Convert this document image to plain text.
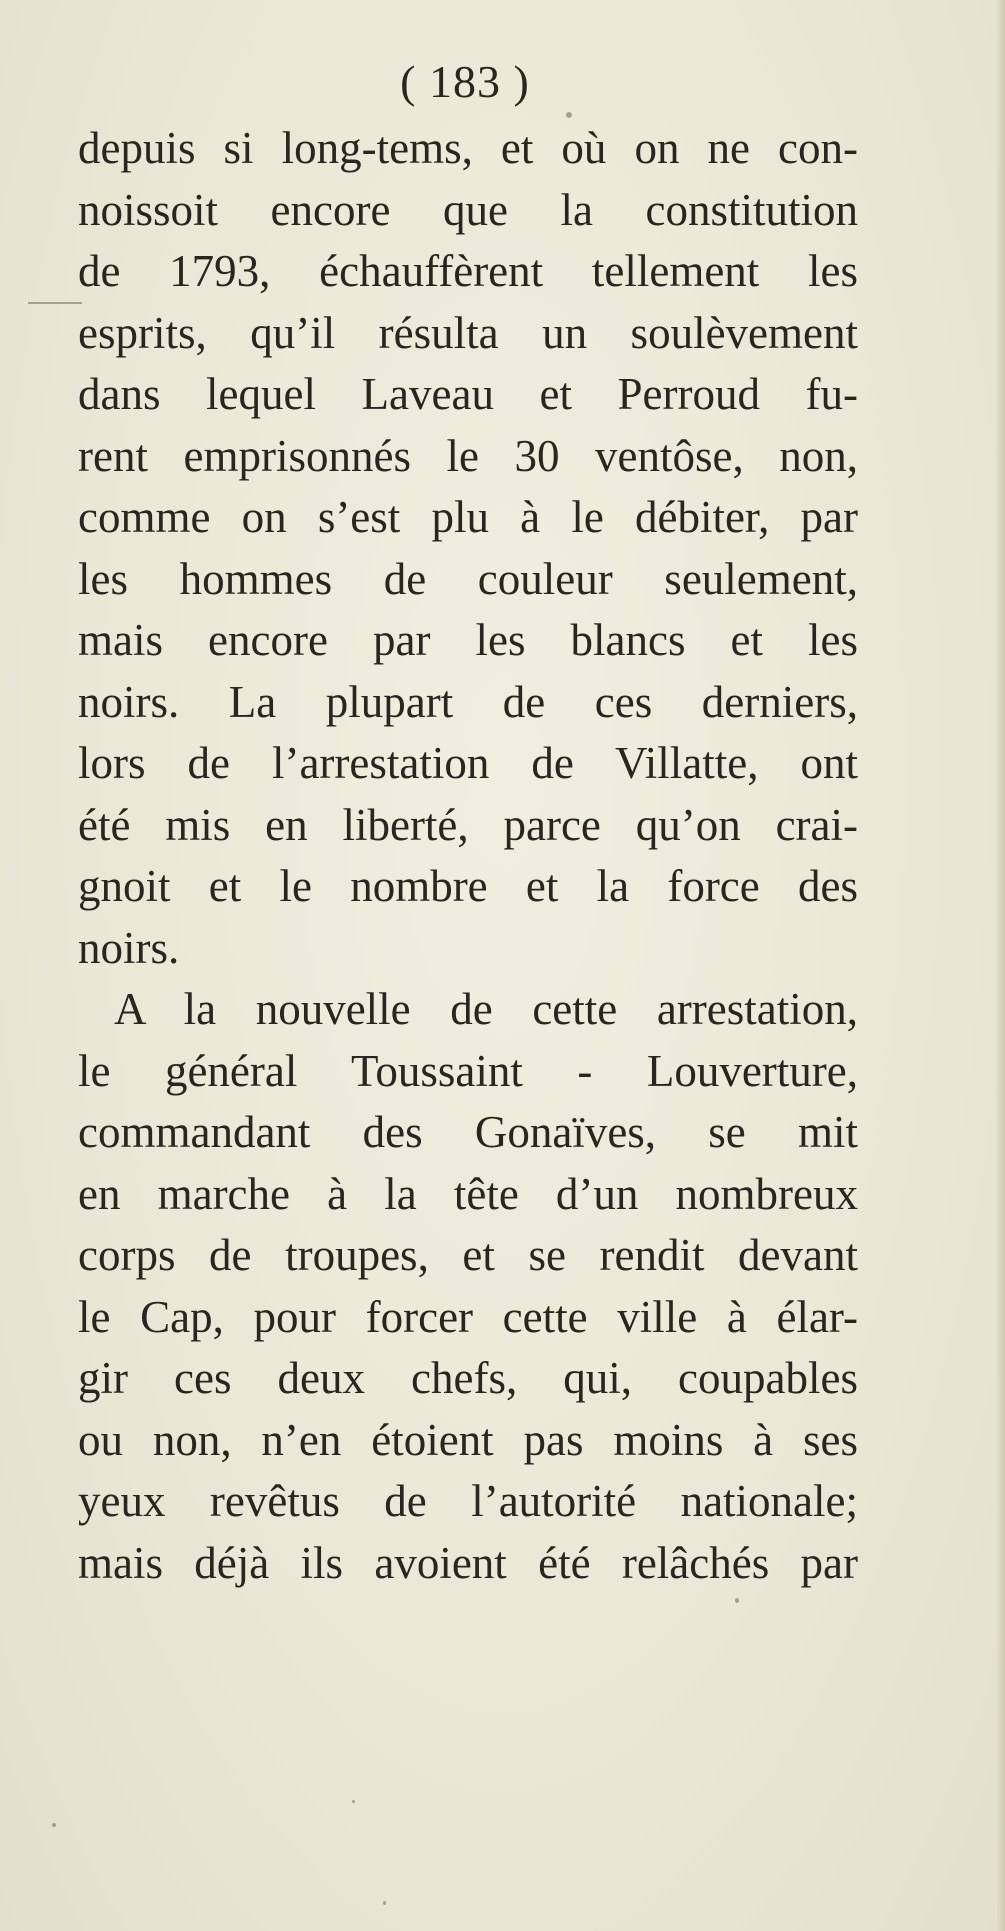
( 183 )
depuis si long-tems, et où on ne con-
noissoit encore que la constitution
de 1793, échauffèrent tellement les
esprits, qu’il résulta un soulèvement
dans lequel Laveau et Perroud fu-
rent emprisonnés le 30 ventôse, non,
comme on s’est plu à le débiter, par
les hommes de couleur seulement,
mais encore par les blancs et les
noirs. La plupart de ces derniers,
lors de l’arrestation de Villatte, ont
été mis en liberté, parce qu’on crai-
gnoit et le nombre et la force des
noirs.
A la nouvelle de cette arrestation,
le général Toussaint - Louverture,
commandant des Gonaïves, se mit
en marche à la tête d’un nombreux
corps de troupes, et se rendit devant
le Cap, pour forcer cette ville à élar-
gir ces deux chefs, qui, coupables
ou non, n’en étoient pas moins à ses
yeux revêtus de l’autorité nationale;
mais déjà ils avoient été relâchés par
